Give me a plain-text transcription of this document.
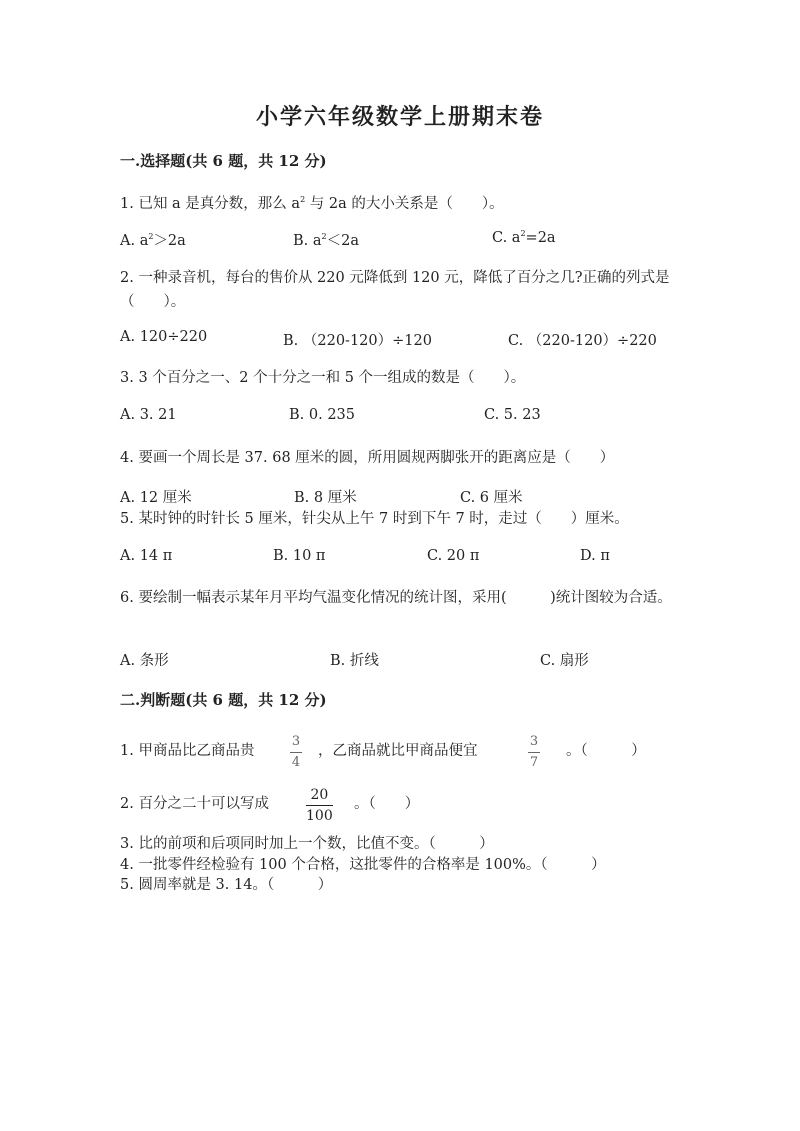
小学六年级数学上册期末卷
一.选择题(共 6 题，共 12 分)
1. 已知 a 是真分数，那么 $a^2$ 与 2a 的大小关系是（　　）。
A. $a^2>2a$	B. $a^2<2a$	C. $a^2=2a$
2. 一种录音机，每台的售价从 220 元降低到 120 元，降低了百分之几?正确的列式是（　　）。
A. 120÷220	B. （220-120）÷120	C. （220-120）÷220
3. 3 个百分之一、2 个十分之一和 5 个一组成的数是（　　）。
A. 3. 21	B. 0. 235	C. 5. 23
4. 要画一个周长是 37. 68 厘米的圆，所用圆规两脚张开的距离应是（　　）
A. 12 厘米	B. 8 厘米	C. 6 厘米
5. 某时钟的时针长 5 厘米，针尖从上午 7 时到下午 7 时，走过（　　）厘米。
A. 14 π	B. 10 π	C. 20 π	D. π
6. 要绘制一幅表示某年月平均气温变化情况的统计图，采用(　　　)统计图较为合适。
A. 条形	B. 折线	C. 扇形
二.判断题(共 6 题，共 12 分)
1. 甲商品比乙商品贵
3
4
，乙商品就比甲商品便宜
3
7
。（　　　）
2. 百分之二十可以写成
20
100
。（　　）
3. 比的前项和后项同时加上一个数，比值不变。（　　　）
4. 一批零件经检验有 100 个合格，这批零件的合格率是 100%。（　　　）
5. 圆周率就是 3. 14。（　　　）
